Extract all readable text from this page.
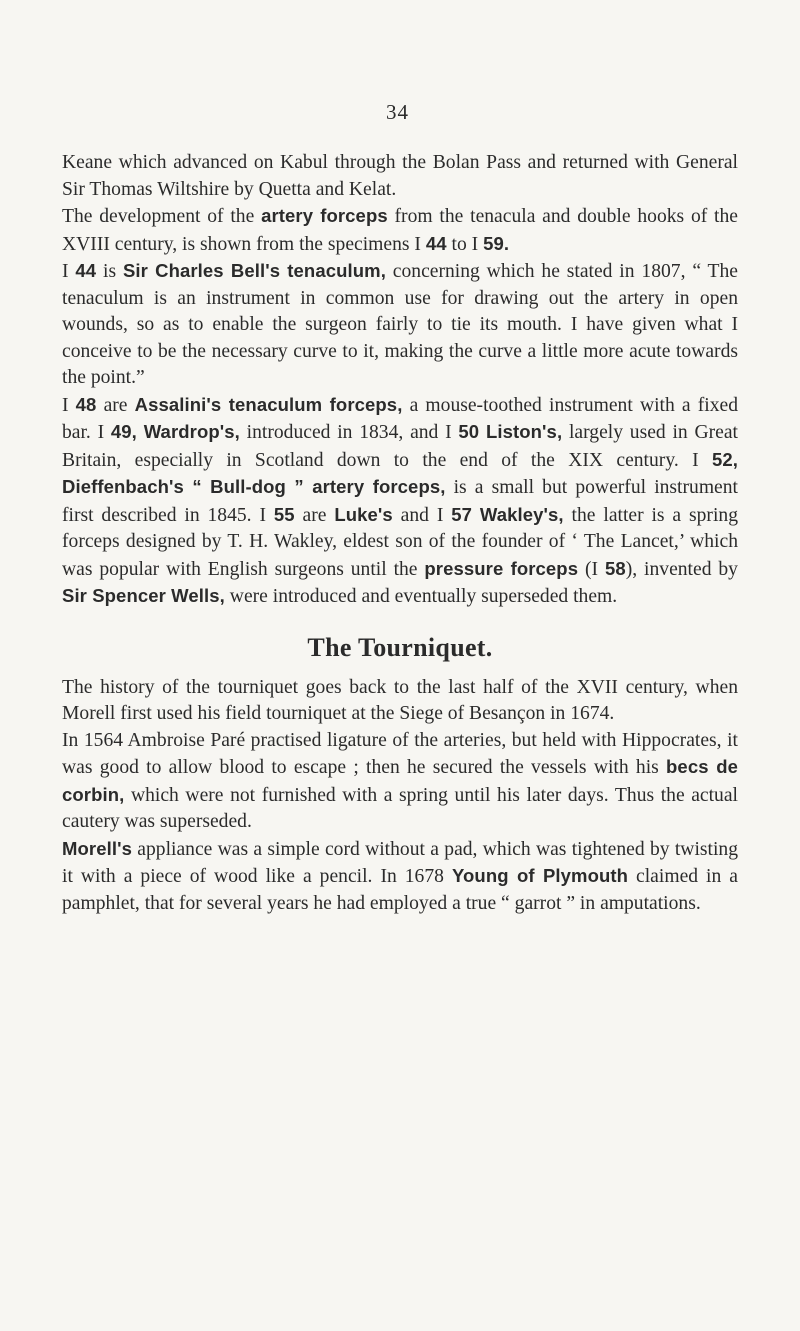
34

Keane which advanced on Kabul through the Bolan Pass and returned with General Sir Thomas Wiltshire by Quetta and Kelat.

The development of the artery forceps from the tenacula and double hooks of the XVIII century, is shown from the specimens I 44 to I 59.

I 44 is Sir Charles Bell's tenaculum, concerning which he stated in 1807, “ The tenaculum is an instrument in common use for drawing out the artery in open wounds, so as to enable the surgeon fairly to tie its mouth. I have given what I conceive to be the necessary curve to it, making the curve a little more acute towards the point.”

I 48 are Assalini's tenaculum forceps, a mouse-toothed instrument with a fixed bar. I 49, Wardrop's, introduced in 1834, and I 50 Liston's, largely used in Great Britain, especially in Scotland down to the end of the XIX century. I 52, Dieffenbach's “ Bull-dog ” artery forceps, is a small but powerful instrument first described in 1845. I 55 are Luke's and I 57 Wakley's, the latter is a spring forceps designed by T. H. Wakley, eldest son of the founder of ‘ The Lancet,’ which was popular with English surgeons until the pressure forceps (I 58), invented by Sir Spencer Wells, were introduced and eventually superseded them.

The Tourniquet.

The history of the tourniquet goes back to the last half of the XVII century, when Morell first used his field tourniquet at the Siege of Besançon in 1674.

In 1564 Ambroise Paré practised ligature of the arteries, but held with Hippocrates, it was good to allow blood to escape ; then he secured the vessels with his becs de corbin, which were not furnished with a spring until his later days. Thus the actual cautery was superseded.

Morell's appliance was a simple cord without a pad, which was tightened by twisting it with a piece of wood like a pencil. In 1678 Young of Plymouth claimed in a pamphlet, that for several years he had employed a true “ garrot ” in amputations.
